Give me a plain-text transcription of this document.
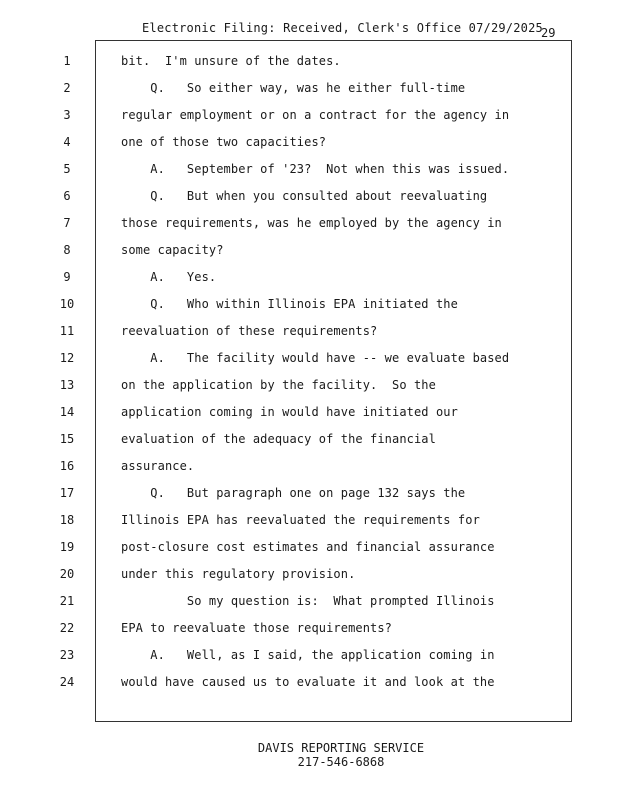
Electronic Filing: Received, Clerk's Office 07/29/2025
29
1	bit.  I'm unsure of the dates.
2	Q.   So either way, was he either full-time
3	regular employment or on a contract for the agency in
4	one of those two capacities?
5	A.   September of '23?  Not when this was issued.
6	Q.   But when you consulted about reevaluating
7	those requirements, was he employed by the agency in
8	some capacity?
9	A.   Yes.
10	Q.   Who within Illinois EPA initiated the
11	reevaluation of these requirements?
12	A.   The facility would have -- we evaluate based
13	on the application by the facility.  So the
14	application coming in would have initiated our
15	evaluation of the adequacy of the financial
16	assurance.
17	Q.   But paragraph one on page 132 says the
18	Illinois EPA has reevaluated the requirements for
19	post-closure cost estimates and financial assurance
20	under this regulatory provision.
21	So my question is:  What prompted Illinois
22	EPA to reevaluate those requirements?
23	A.   Well, as I said, the application coming in
24	would have caused us to evaluate it and look at the
DAVIS REPORTING SERVICE
217-546-6868
